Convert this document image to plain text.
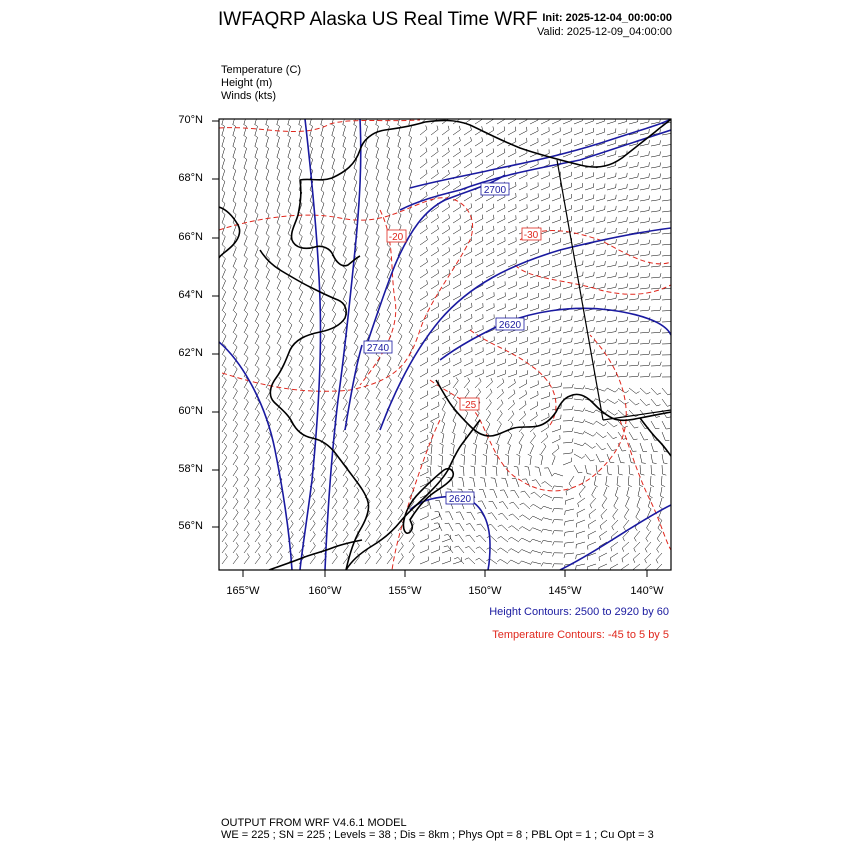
IWFAQRP Alaska US Real Time WRF Init: 2025-12-04_00:00:00
Valid: 2025-12-09_04:00:00
Temperature (C)
Height (m)
Winds (kts)
2700
2740
2620
2620
-20	-30
-25
70°N
68°N
66°N
64°N
62°N
60°N
58°N
56°N
165°W	160°W	155°W	150°W	145°W	140°W
Height Contours: 2500 to 2920 by 60
Temperature Contours: -45 to 5 by 5
OUTPUT FROM WRF V4.6.1 MODEL
WE = 225 ; SN = 225 ; Levels = 38 ; Dis = 8km ; Phys Opt = 8 ; PBL Opt = 1 ; Cu Opt = 3
